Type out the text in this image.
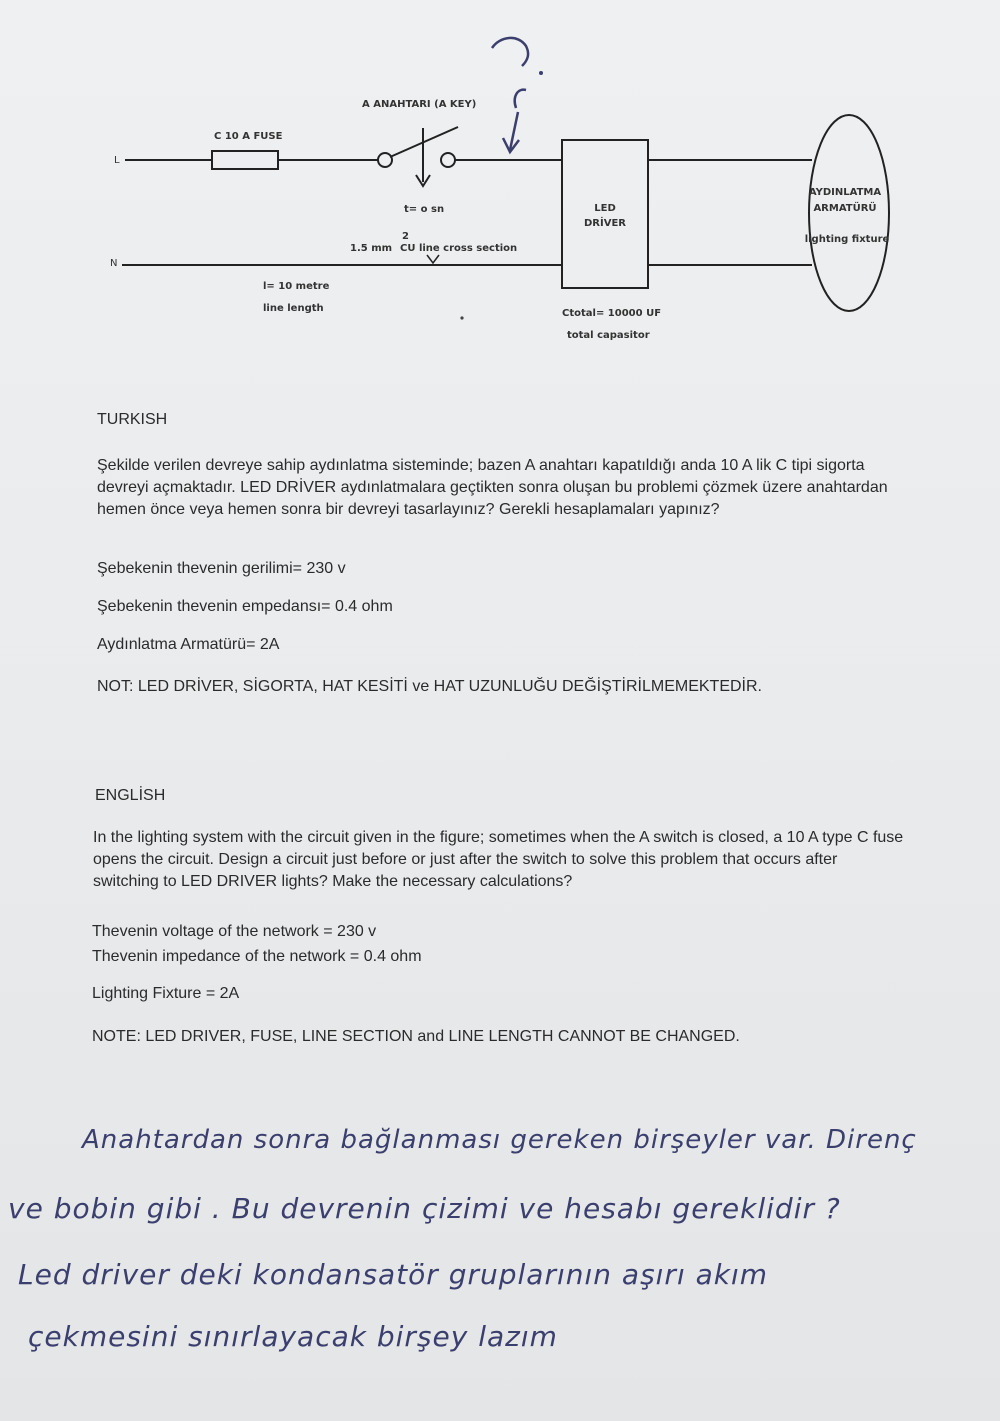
A ANAHTARI (A KEY)
C 10 A FUSE
L
N
t= o sn
2
1.5 mm CU line cross section
l= 10 metre
line length
LED
DRİVER
Ctotal= 10000 UF
total capasitor
AYDINLATMA
ARMATÜRÜ
lighting fixture
?
TURKISH
Şekilde verilen devreye sahip aydınlatma sisteminde; bazen A anahtarı kapatıldığı anda 10 A lik C tipi sigorta devreyi açmaktadır. LED DRİVER aydınlatmalara geçtikten sonra oluşan bu problemi çözmek üzere anahtardan hemen önce veya hemen sonra bir devreyi tasarlayınız? Gerekli hesaplamaları yapınız?
Şebekenin thevenin gerilimi= 230 v
Şebekenin thevenin empedansı= 0.4 ohm
Aydınlatma Armatürü= 2A
NOT: LED DRİVER, SİGORTA, HAT KESİTİ ve HAT UZUNLUĞU DEĞİŞTİRİLMEMEKTEDİR.
ENGLİSH
In the lighting system with the circuit given in the figure; sometimes when the A switch is closed, a 10 A type C fuse opens the circuit. Design a circuit just before or just after the switch to solve this problem that occurs after switching to LED DRIVER lights? Make the necessary calculations?
Thevenin voltage of the network = 230 v
Thevenin impedance of the network = 0.4 ohm
Lighting Fixture = 2A
NOTE: LED DRIVER, FUSE, LINE SECTION and LINE LENGTH CANNOT BE CHANGED.
Anahtardan sonra bağlanması gereken birşeyler var. Direnç
ve bobin gibi . Bu devrenin çizimi ve hesabı gereklidir ?
Led driver deki kondansatör gruplarının aşırı akım
çekmesini sınırlayacak birşey lazım
